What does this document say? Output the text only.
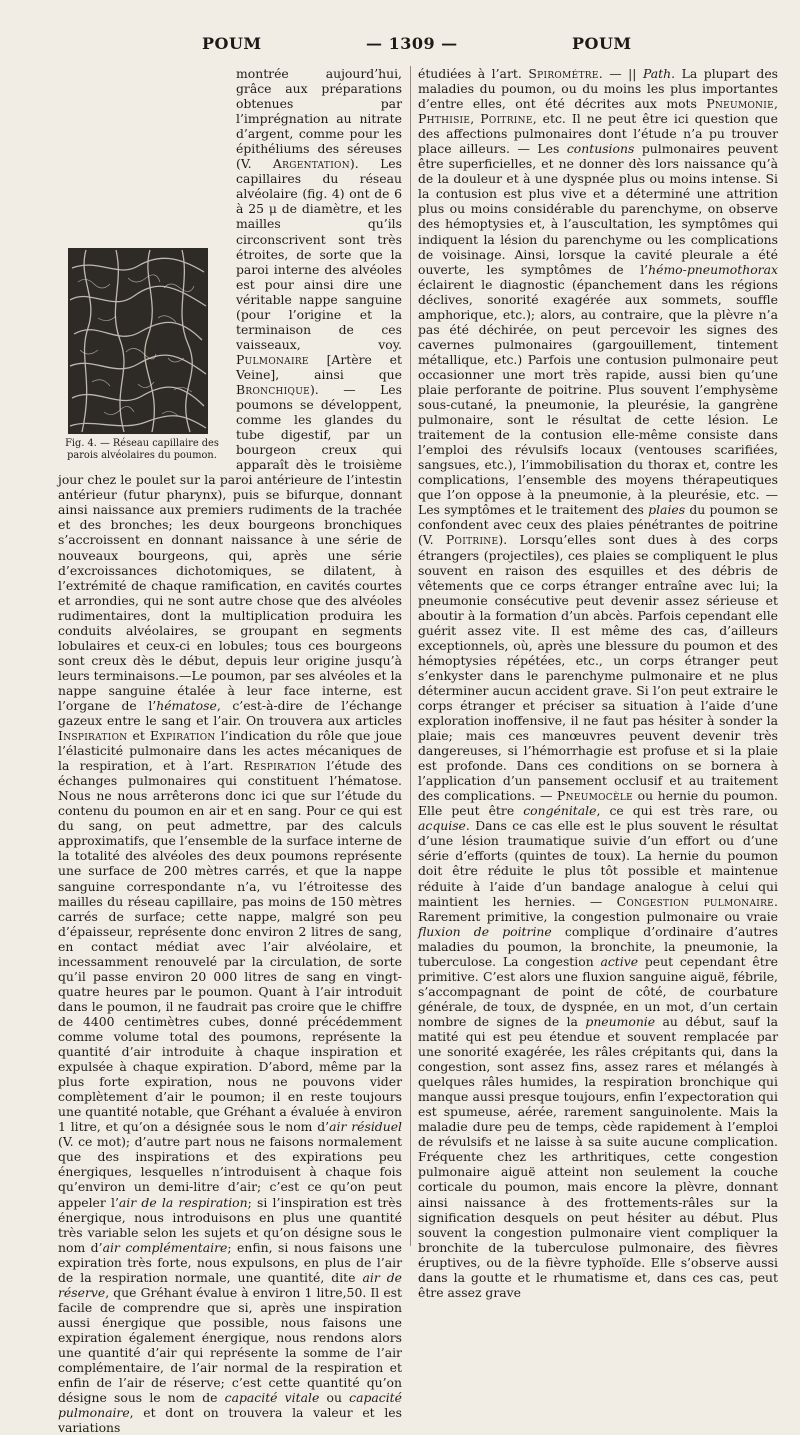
POUM	— 1309 —	POUM
Fig. 4. — Réseau capillaire des parois alvéolaires du poumon.

montrée aujourd’hui, grâce aux préparations obtenues par l’imprégnation au nitrate d’argent, comme pour les épithéliums des séreuses (V. Argentation). Les capillaires du réseau alvéolaire (fig. 4) ont de 6 à 25 μ de diamètre, et les mailles qu’ils circonscrivent sont très étroites, de sorte que la paroi interne des alvéoles est pour ainsi dire une véritable nappe sanguine (pour l’origine et la terminaison de ces vaisseaux, voy. Pulmonaire [Artère et Veine], ainsi que Bronchique). — Les poumons se développent, comme les glandes du tube digestif, par un bourgeon creux qui apparaît dès le troisième jour chez le poulet sur la paroi antérieure de l’intestin antérieur (futur pharynx), puis se bifurque, donnant ainsi naissance aux premiers rudiments de la trachée et des bronches; les deux bourgeons bronchiques s’accroissent en donnant naissance à une série de nouveaux bourgeons, qui, après une série d’excroissances dichotomiques, se dilatent, à l’extrémité de chaque ramification, en cavités courtes et arrondies, qui ne sont autre chose que des alvéoles rudimentaires, dont la multiplication produira les conduits alvéolaires, se groupant en segments lobulaires et ceux-ci en lobules; tous ces bourgeons sont creux dès le début, depuis leur origine jusqu’à leurs terminaisons.—Le poumon, par ses alvéoles et la nappe sanguine étalée à leur face interne, est l’organe de l’hématose, c’est-à-dire de l’échange gazeux entre le sang et l’air. On trouvera aux articles Inspiration et Expiration l’indication du rôle que joue l’élasticité pulmonaire dans les actes mécaniques de la respiration, et à l’art. Respiration l’étude des échanges pulmonaires qui constituent l’hématose. Nous ne nous arrêterons donc ici que sur l’étude du contenu du poumon en air et en sang. Pour ce qui est du sang, on peut admettre, par des calculs approximatifs, que l’ensemble de la surface interne de la totalité des alvéoles des deux poumons représente une surface de 200 mètres carrés, et que la nappe sanguine correspondante n’a, vu l’étroitesse des mailles du réseau capillaire, pas moins de 150 mètres carrés de surface; cette nappe, malgré son peu d’épaisseur, représente donc environ 2 litres de sang, en contact médiat avec l’air alvéolaire, et incessamment renouvelé par la circulation, de sorte qu’il passe environ 20 000 litres de sang en vingt-quatre heures par le poumon. Quant à l’air introduit dans le poumon, il ne faudrait pas croire que le chiffre de 4400 centimètres cubes, donné précédemment comme volume total des poumons, représente la quantité d’air introduite à chaque inspiration et expulsée à chaque expiration. D’abord, même par la plus forte expiration, nous ne pouvons vider complètement d’air le poumon; il en reste toujours une quantité notable, que Gréhant a évaluée à environ 1 litre, et qu’on a désignée sous le nom d’air résiduel (V. ce mot); d’autre part nous ne faisons normalement que des inspirations et des expirations peu énergiques, lesquelles n’introduisent à chaque fois qu’environ un demi-litre d’air; c’est ce qu’on peut appeler l’air de la respiration; si l’inspiration est très énergique, nous introduisons en plus une quantité très variable selon les sujets et qu’on désigne sous le nom d’air complémentaire; enfin, si nous faisons une expiration très forte, nous expulsons, en plus de l’air de la respiration normale, une quantité, dite air de réserve, que Gréhant évalue à environ 1 litre,50. Il est facile de comprendre que si, après une inspiration aussi énergique que possible, nous faisons une expiration également énergique, nous rendons alors une quantité d’air qui représente la somme de l’air complémentaire, de l’air normal de la respiration et enfin de l’air de réserve; c’est cette quantité qu’on désigne sous le nom de capacité vitale ou capacité pulmonaire, et dont on trouvera la valeur et les variations

étudiées à l’art. Spirométre. — || Path. La plupart des maladies du poumon, ou du moins les plus importantes d’entre elles, ont été décrites aux mots Pneumonie, Phthisie, Poitrine, etc. Il ne peut être ici question que des affections pulmonaires dont l’étude n’a pu trouver place ailleurs. — Les contusions pulmonaires peuvent être superficielles, et ne donner dès lors naissance qu’à de la douleur et à une dyspnée plus ou moins intense. Si la contusion est plus vive et a déterminé une attrition plus ou moins considérable du parenchyme, on observe des hémoptysies et, à l’auscultation, les symptômes qui indiquent la lésion du parenchyme ou les complications de voisinage. Ainsi, lorsque la cavité pleurale a été ouverte, les symptômes de l’hémo-pneumothorax éclairent le diagnostic (épanchement dans les régions déclives, sonorité exagérée aux sommets, souffle amphorique, etc.); alors, au contraire, que la plèvre n’a pas été déchirée, on peut percevoir les signes des cavernes pulmonaires (gargouillement, tintement métallique, etc.) Parfois une contusion pulmonaire peut occasionner une mort très rapide, aussi bien qu’une plaie perforante de poitrine. Plus souvent l’emphysème sous-cutané, la pneumonie, la pleurésie, la gangrène pulmonaire, sont le résultat de cette lésion. Le traitement de la contusion elle-même consiste dans l’emploi des révulsifs locaux (ventouses scarifiées, sangsues, etc.), l’immobilisation du thorax et, contre les complications, l’ensemble des moyens thérapeutiques que l’on oppose à la pneumonie, à la pleurésie, etc. — Les symptômes et le traitement des plaies du poumon se confondent avec ceux des plaies pénétrantes de poitrine (V. Poitrine). Lorsqu’elles sont dues à des corps étrangers (projectiles), ces plaies se compliquent le plus souvent en raison des esquilles et des débris de vêtements que ce corps étranger entraîne avec lui; la pneumonie consécutive peut devenir assez sérieuse et aboutir à la formation d’un abcès. Parfois cependant elle guérit assez vite. Il est même des cas, d’ailleurs exceptionnels, où, après une blessure du poumon et des hémoptysies répétées, etc., un corps étranger peut s’enkyster dans le parenchyme pulmonaire et ne plus déterminer aucun accident grave. Si l’on peut extraire le corps étranger et préciser sa situation à l’aide d’une exploration inoffensive, il ne faut pas hésiter à sonder la plaie; mais ces manœuvres peuvent devenir très dangereuses, si l’hémorrhagie est profuse et si la plaie est profonde. Dans ces conditions on se bornera à l’application d’un pansement occlusif et au traitement des complications. — Pneumocèle ou hernie du poumon. Elle peut être congénitale, ce qui est très rare, ou acquise. Dans ce cas elle est le plus souvent le résultat d’une lésion traumatique suivie d’un effort ou d’une série d’efforts (quintes de toux). La hernie du poumon doit être réduite le plus tôt possible et maintenue réduite à l’aide d’un bandage analogue à celui qui maintient les hernies. — Congestion pulmonaire. Rarement primitive, la congestion pulmonaire ou vraie fluxion de poitrine complique d’ordinaire d’autres maladies du poumon, la bronchite, la pneumonie, la tuberculose. La congestion active peut cependant être primitive. C’est alors une fluxion sanguine aiguë, fébrile, s’accompagnant de point de côté, de courbature générale, de toux, de dyspnée, en un mot, d’un certain nombre de signes de la pneumonie au début, sauf la matité qui est peu étendue et souvent remplacée par une sonorité exagérée, les râles crépitants qui, dans la congestion, sont assez fins, assez rares et mélangés à quelques râles humides, la respiration bronchique qui manque aussi presque toujours, enfin l’expectoration qui est spumeuse, aérée, rarement sanguinolente. Mais la maladie dure peu de temps, cède rapidement à l’emploi de révulsifs et ne laisse à sa suite aucune complication. Fréquente chez les arthritiques, cette congestion pulmonaire aiguë atteint non seulement la couche corticale du poumon, mais encore la plèvre, donnant ainsi naissance à des frottements-râles sur la signification desquels on peut hésiter au début. Plus souvent la congestion pulmonaire vient compliquer la bronchite de la tuberculose pulmonaire, des fièvres éruptives, ou de la fièvre typhoïde. Elle s’observe aussi dans la goutte et le rhumatisme et, dans ces cas, peut être assez grave
